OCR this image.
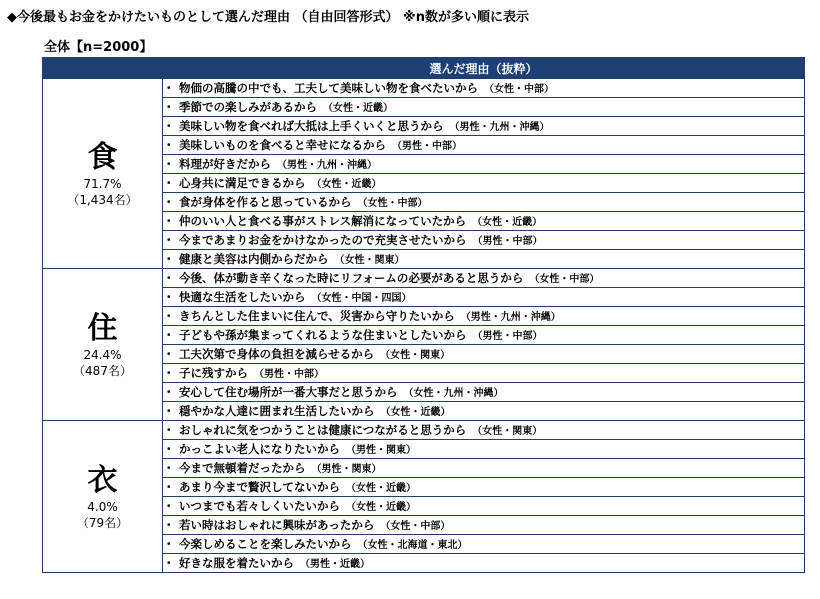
◆今後最もお金をかけたいものとして選んだ理由 （自由回答形式） ※n数が多い順に表示
全体【n=2000】
	選んだ理由（抜粋）

食
71.7%
（1,434名）	・ 物価の高騰の中でも、工夫して美味しい物を食べたいから （女性・中部）
	・ 季節での楽しみがあるから （女性・近畿）
	・ 美味しい物を食べれば大抵は上手くいくと思うから （男性・九州・沖縄）
	・ 美味しいものを食べると幸せになるから （男性・中部）
	・ 料理が好きだから （男性・九州・沖縄）
	・ 心身共に満足できるから （女性・近畿）
	・ 食が身体を作ると思っているから （女性・中部）
	・ 仲のいい人と食べる事がストレス解消になっていたから （女性・近畿）
	・ 今まであまりお金をかけなかったので充実させたいから （男性・中部）
	・ 健康と美容は内側からだから （女性・関東）

住
24.4%
（487名）	・ 今後、体が動き辛くなった時にリフォームの必要があると思うから （女性・中部）
	・ 快適な生活をしたいから （女性・中国・四国）
	・ きちんとした住まいに住んで、災害から守りたいから （男性・九州・沖縄）
	・ 子どもや孫が集まってくれるような住まいとしたいから （男性・中部）
	・ 工夫次第で身体の負担を減らせるから （女性・関東）
	・ 子に残すから （男性・中部）
	・ 安心して住む場所が一番大事だと思うから （女性・九州・沖縄）
	・ 穏やかな人達に囲まれ生活したいから （女性・近畿）

衣
4.0%
（79名）	・ おしゃれに気をつかうことは健康につながると思うから （女性・関東）
	・ かっこよい老人になりたいから （男性・関東）
	・ 今まで無頓着だったから （男性・関東）
	・ あまり今まで贅沢してないから （女性・近畿）
	・ いつまでも若々しくいたいから （女性・近畿）
	・ 若い時はおしゃれに興味があったから （女性・中部）
	・ 今楽しめることを楽しみたいから （女性・北海道・東北）
	・ 好きな服を着たいから （男性・近畿）
